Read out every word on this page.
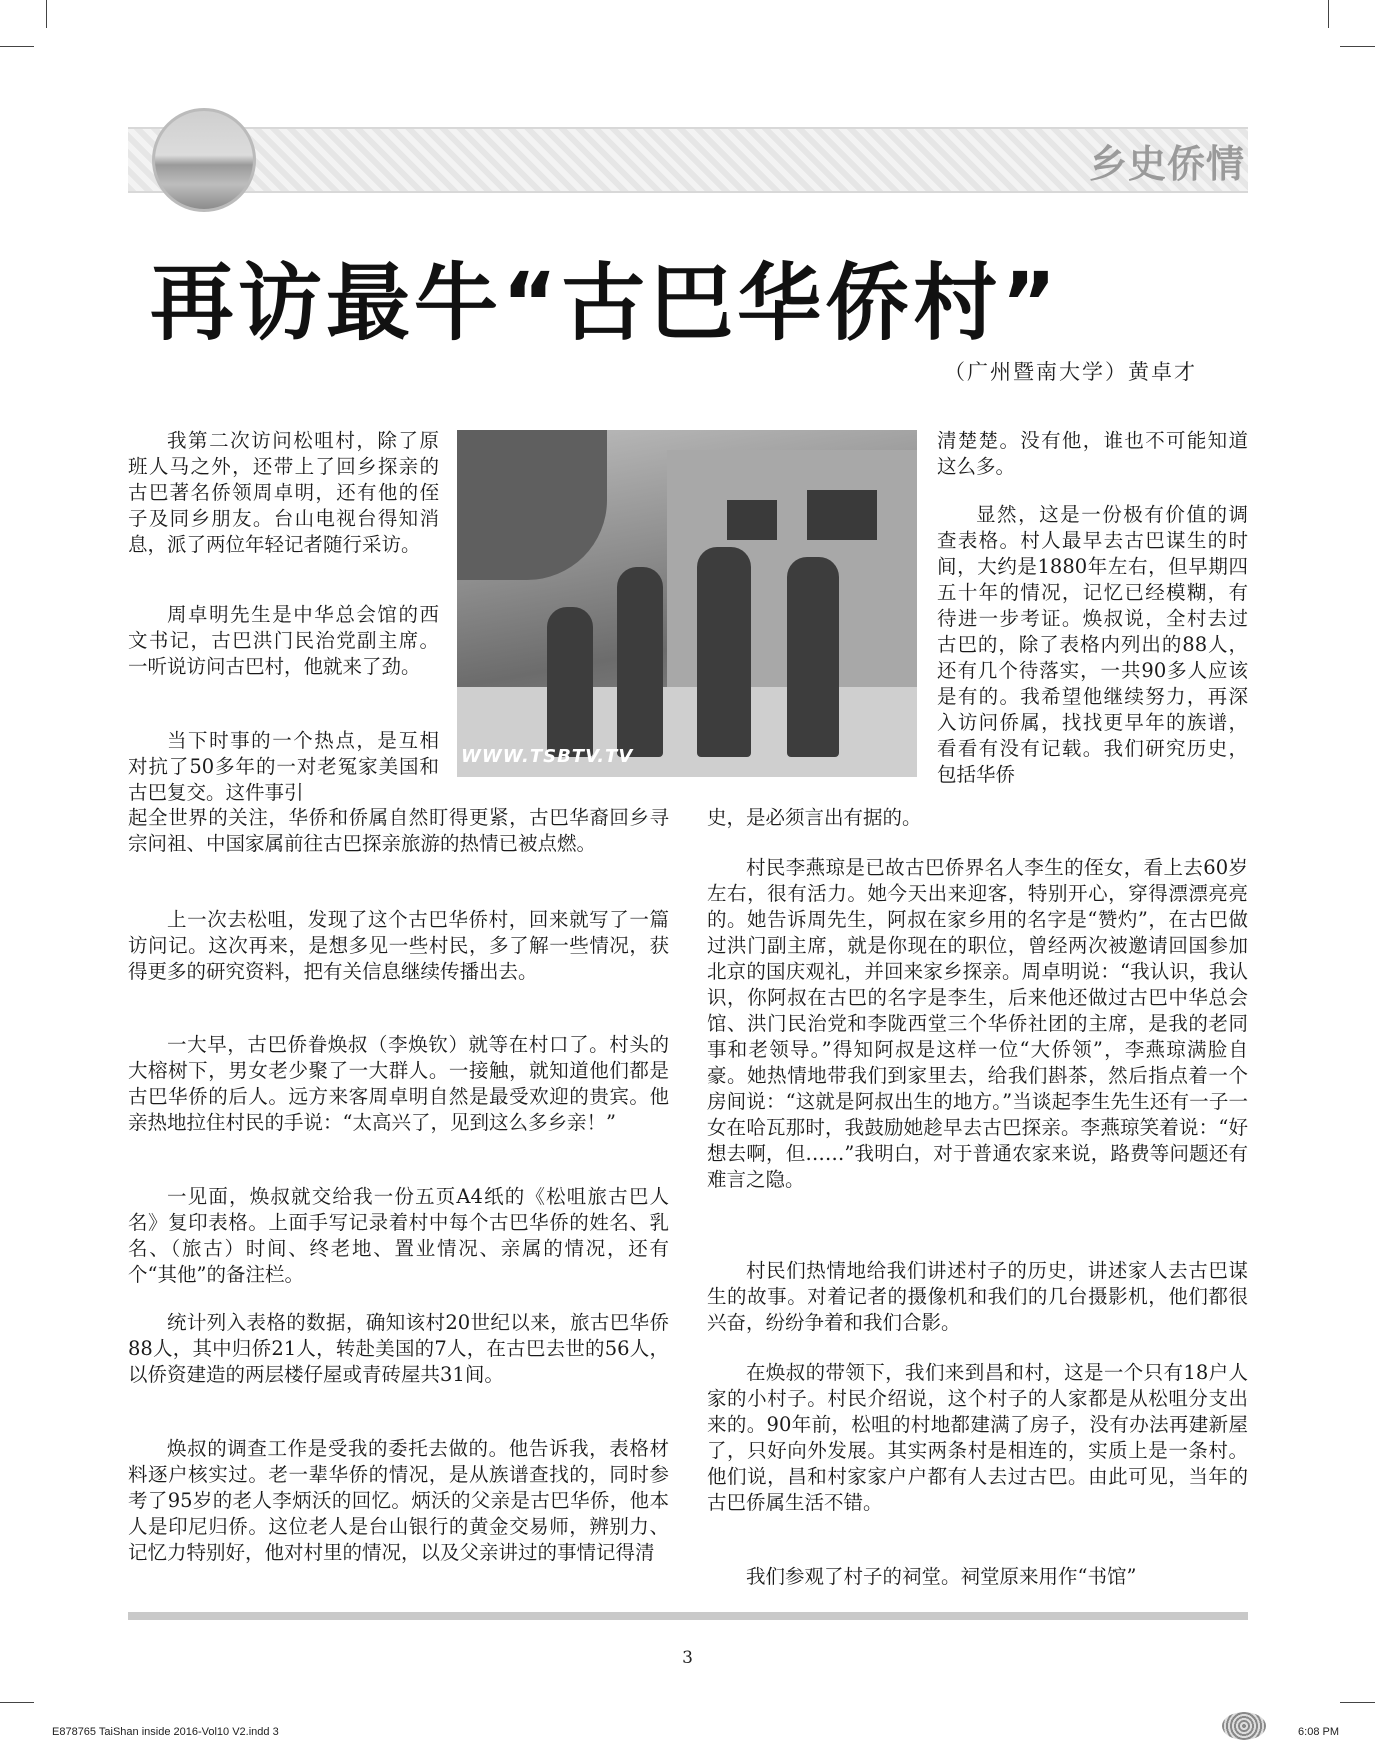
乡史侨情
再访最牛“古巴华侨村”
（广州暨南大学）黄卓才
WWW.TSBTV.TV

我第二次访问松咀村，除了原班人马之外，还带上了回乡探亲的古巴著名侨领周卓明，还有他的侄子及同乡朋友。台山电视台得知消息，派了两位年轻记者随行采访。

周卓明先生是中华总会馆的西文书记，古巴洪门民治党副主席。一听说访问古巴村，他就来了劲。

当下时事的一个热点，是互相对抗了50多年的一对老冤家美国和古巴复交。这件事引

起全世界的关注，华侨和侨属自然盯得更紧，古巴华裔回乡寻宗问祖、中国家属前往古巴探亲旅游的热情已被点燃。

上一次去松咀，发现了这个古巴华侨村，回来就写了一篇访问记。这次再来，是想多见一些村民，多了解一些情况，获得更多的研究资料，把有关信息继续传播出去。

一大早，古巴侨眷焕叔（李焕钦）就等在村口了。村头的大榕树下，男女老少聚了一大群人。一接触，就知道他们都是古巴华侨的后人。远方来客周卓明自然是最受欢迎的贵宾。他亲热地拉住村民的手说：“太高兴了，见到这么多乡亲！”

一见面，焕叔就交给我一份五页A4纸的《松咀旅古巴人名》复印表格。上面手写记录着村中每个古巴华侨的姓名、乳名、（旅古）时间、终老地、置业情况、亲属的情况，还有个“其他”的备注栏。

统计列入表格的数据，确知该村20世纪以来，旅古巴华侨88人，其中归侨21人，转赴美国的7人，在古巴去世的56人，以侨资建造的两层楼仔屋或青砖屋共31间。

焕叔的调查工作是受我的委托去做的。他告诉我，表格材料逐户核实过。老一辈华侨的情况，是从族谱查找的，同时参考了95岁的老人李炳沃的回忆。炳沃的父亲是古巴华侨，他本人是印尼归侨。这位老人是台山银行的黄金交易师，辨别力、记忆力特别好，他对村里的情况，以及父亲讲过的事情记得清

清楚楚。没有他，谁也不可能知道这么多。

显然，这是一份极有价值的调查表格。村人最早去古巴谋生的时间，大约是1880年左右，但早期四五十年的情况，记忆已经模糊，有待进一步考证。焕叔说，全村去过古巴的，除了表格内列出的88人，还有几个待落实，一共90多人应该是有的。我希望他继续努力，再深入访问侨属，找找更早年的族谱，看看有没有记载。我们研究历史，包括华侨

史，是必须言出有据的。

村民李燕琼是已故古巴侨界名人李生的侄女，看上去60岁左右，很有活力。她今天出来迎客，特别开心，穿得漂漂亮亮的。她告诉周先生，阿叔在家乡用的名字是“赞灼”，在古巴做过洪门副主席，就是你现在的职位，曾经两次被邀请回国参加北京的国庆观礼，并回来家乡探亲。周卓明说：“我认识，我认识，你阿叔在古巴的名字是李生，后来他还做过古巴中华总会馆、洪门民治党和李陇西堂三个华侨社团的主席，是我的老同事和老领导。”得知阿叔是这样一位“大侨领”，李燕琼满脸自豪。她热情地带我们到家里去，给我们斟茶，然后指点着一个房间说：“这就是阿叔出生的地方。”当谈起李生先生还有一子一女在哈瓦那时，我鼓励她趁早去古巴探亲。李燕琼笑着说：“好想去啊，但……”我明白，对于普通农家来说，路费等问题还有难言之隐。

村民们热情地给我们讲述村子的历史，讲述家人去古巴谋生的故事。对着记者的摄像机和我们的几台摄影机，他们都很兴奋，纷纷争着和我们合影。

在焕叔的带领下，我们来到昌和村，这是一个只有18户人家的小村子。村民介绍说，这个村子的人家都是从松咀分支出来的。90年前，松咀的村地都建满了房子，没有办法再建新屋了，只好向外发展。其实两条村是相连的，实质上是一条村。他们说，昌和村家家户户都有人去过古巴。由此可见，当年的古巴侨属生活不错。

我们参观了村子的祠堂。祠堂原来用作“书馆”

3
E878765 TaiShan inside 2016-Vol10 V2.indd 3	6:08 PM
